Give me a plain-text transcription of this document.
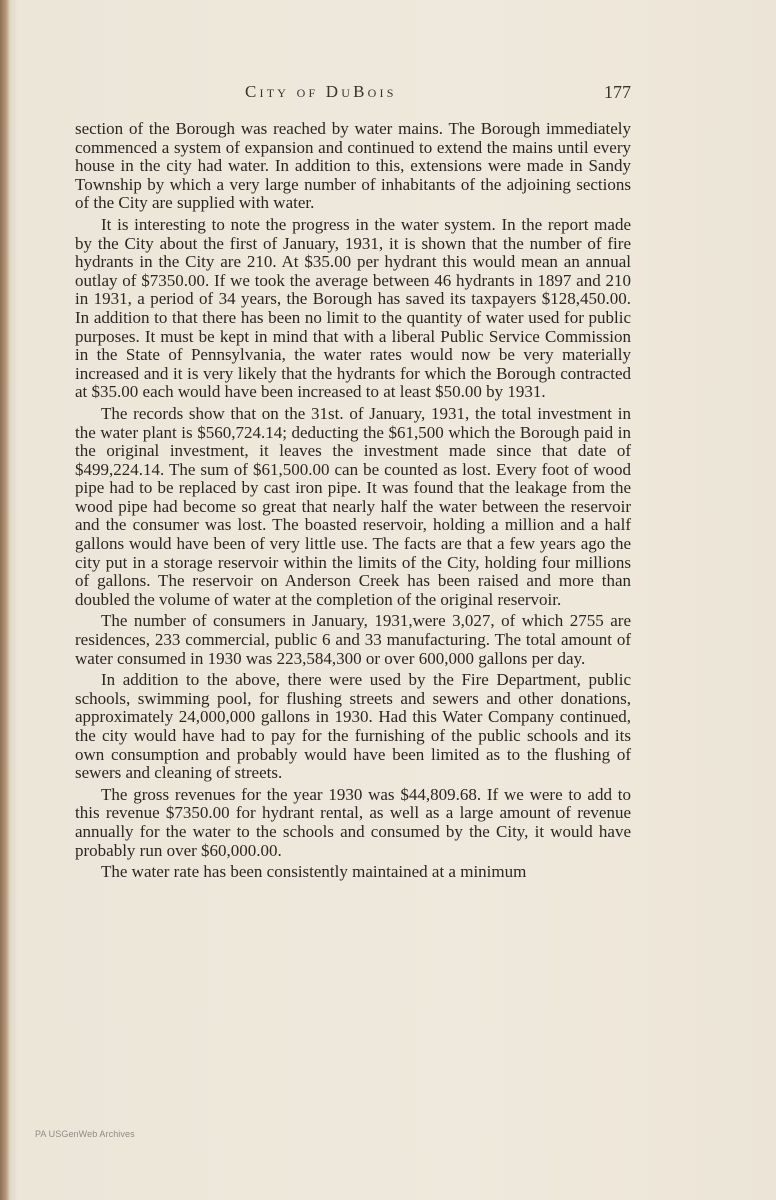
City of DuBois	177

section of the Borough was reached by water mains. The Borough immediately commenced a system of expansion and continued to extend the mains until every house in the city had water. In addition to this, extensions were made in Sandy Township by which a very large number of inhabitants of the adjoining sections of the City are supplied with water.

It is interesting to note the progress in the water system. In the report made by the City about the first of January, 1931, it is shown that the number of fire hydrants in the City are 210. At $35.00 per hydrant this would mean an annual outlay of $7350.00. If we took the average between 46 hydrants in 1897 and 210 in 1931, a period of 34 years, the Borough has saved its taxpayers $128,450.00. In addition to that there has been no limit to the quantity of water used for public purposes. It must be kept in mind that with a liberal Public Service Commission in the State of Pennsylvania, the water rates would now be very materially increased and it is very likely that the hydrants for which the Borough contracted at $35.00 each would have been increased to at least $50.00 by 1931.

The records show that on the 31st. of January, 1931, the total investment in the water plant is $560,724.14; deducting the $61,500 which the Borough paid in the original investment, it leaves the investment made since that date of $499,224.14. The sum of $61,500.00 can be counted as lost. Every foot of wood pipe had to be replaced by cast iron pipe. It was found that the leakage from the wood pipe had become so great that nearly half the water between the reservoir and the consumer was lost. The boasted reservoir, holding a million and a half gallons would have been of very little use. The facts are that a few years ago the city put in a storage reservoir within the limits of the City, holding four millions of gallons. The reservoir on Anderson Creek has been raised and more than doubled the volume of water at the completion of the original reservoir.

The number of consumers in January, 1931,were 3,027, of which 2755 are residences, 233 commercial, public 6 and 33 manufacturing. The total amount of water consumed in 1930 was 223,584,300 or over 600,000 gallons per day.

In addition to the above, there were used by the Fire Department, public schools, swimming pool, for flushing streets and sewers and other donations, approximately 24,000,000 gallons in 1930. Had this Water Company continued, the city would have had to pay for the furnishing of the public schools and its own consumption and probably would have been limited as to the flushing of sewers and cleaning of streets.

The gross revenues for the year 1930 was $44,809.68. If we were to add to this revenue $7350.00 for hydrant rental, as well as a large amount of revenue annually for the water to the schools and consumed by the City, it would have probably run over $60,000.00.

The water rate has been consistently maintained at a minimum

PA USGenWeb Archives
